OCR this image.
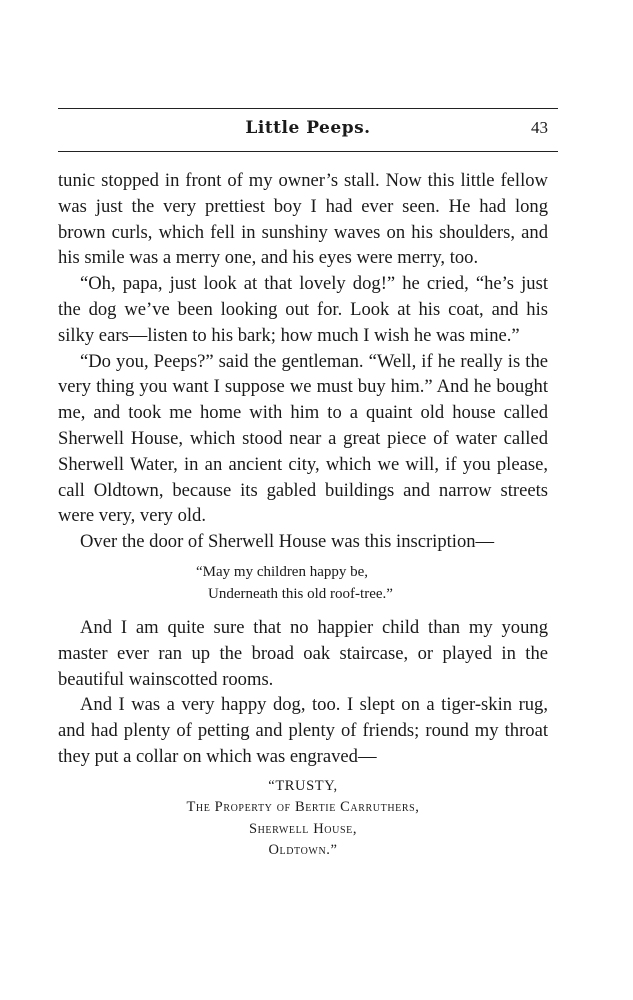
Little Peeps.	43

tunic stopped in front of my owner’s stall. Now this little fellow was just the very prettiest boy I had ever seen. He had long brown curls, which fell in sunshiny waves on his shoulders, and his smile was a merry one, and his eyes were merry, too.

“Oh, papa, just look at that lovely dog!” he cried, “he’s just the dog we’ve been looking out for. Look at his coat, and his silky ears—listen to his bark; how much I wish he was mine.”

“Do you, Peeps?” said the gentleman. “Well, if he really is the very thing you want I suppose we must buy him.” And he bought me, and took me home with him to a quaint old house called Sherwell House, which stood near a great piece of water called Sherwell Water, in an ancient city, which we will, if you please, call Oldtown, because its gabled buildings and narrow streets were very, very old.

Over the door of Sherwell House was this inscription—

“May my children happy be,
Underneath this old roof-tree.”

And I am quite sure that no happier child than my young master ever ran up the broad oak staircase, or played in the beautiful wainscotted rooms.

And I was a very happy dog, too. I slept on a tiger-skin rug, and had plenty of petting and plenty of friends; round my throat they put a collar on which was engraved—

“TRUSTY,
The Property of Bertie Carruthers,
Sherwell House,
Oldtown.”
